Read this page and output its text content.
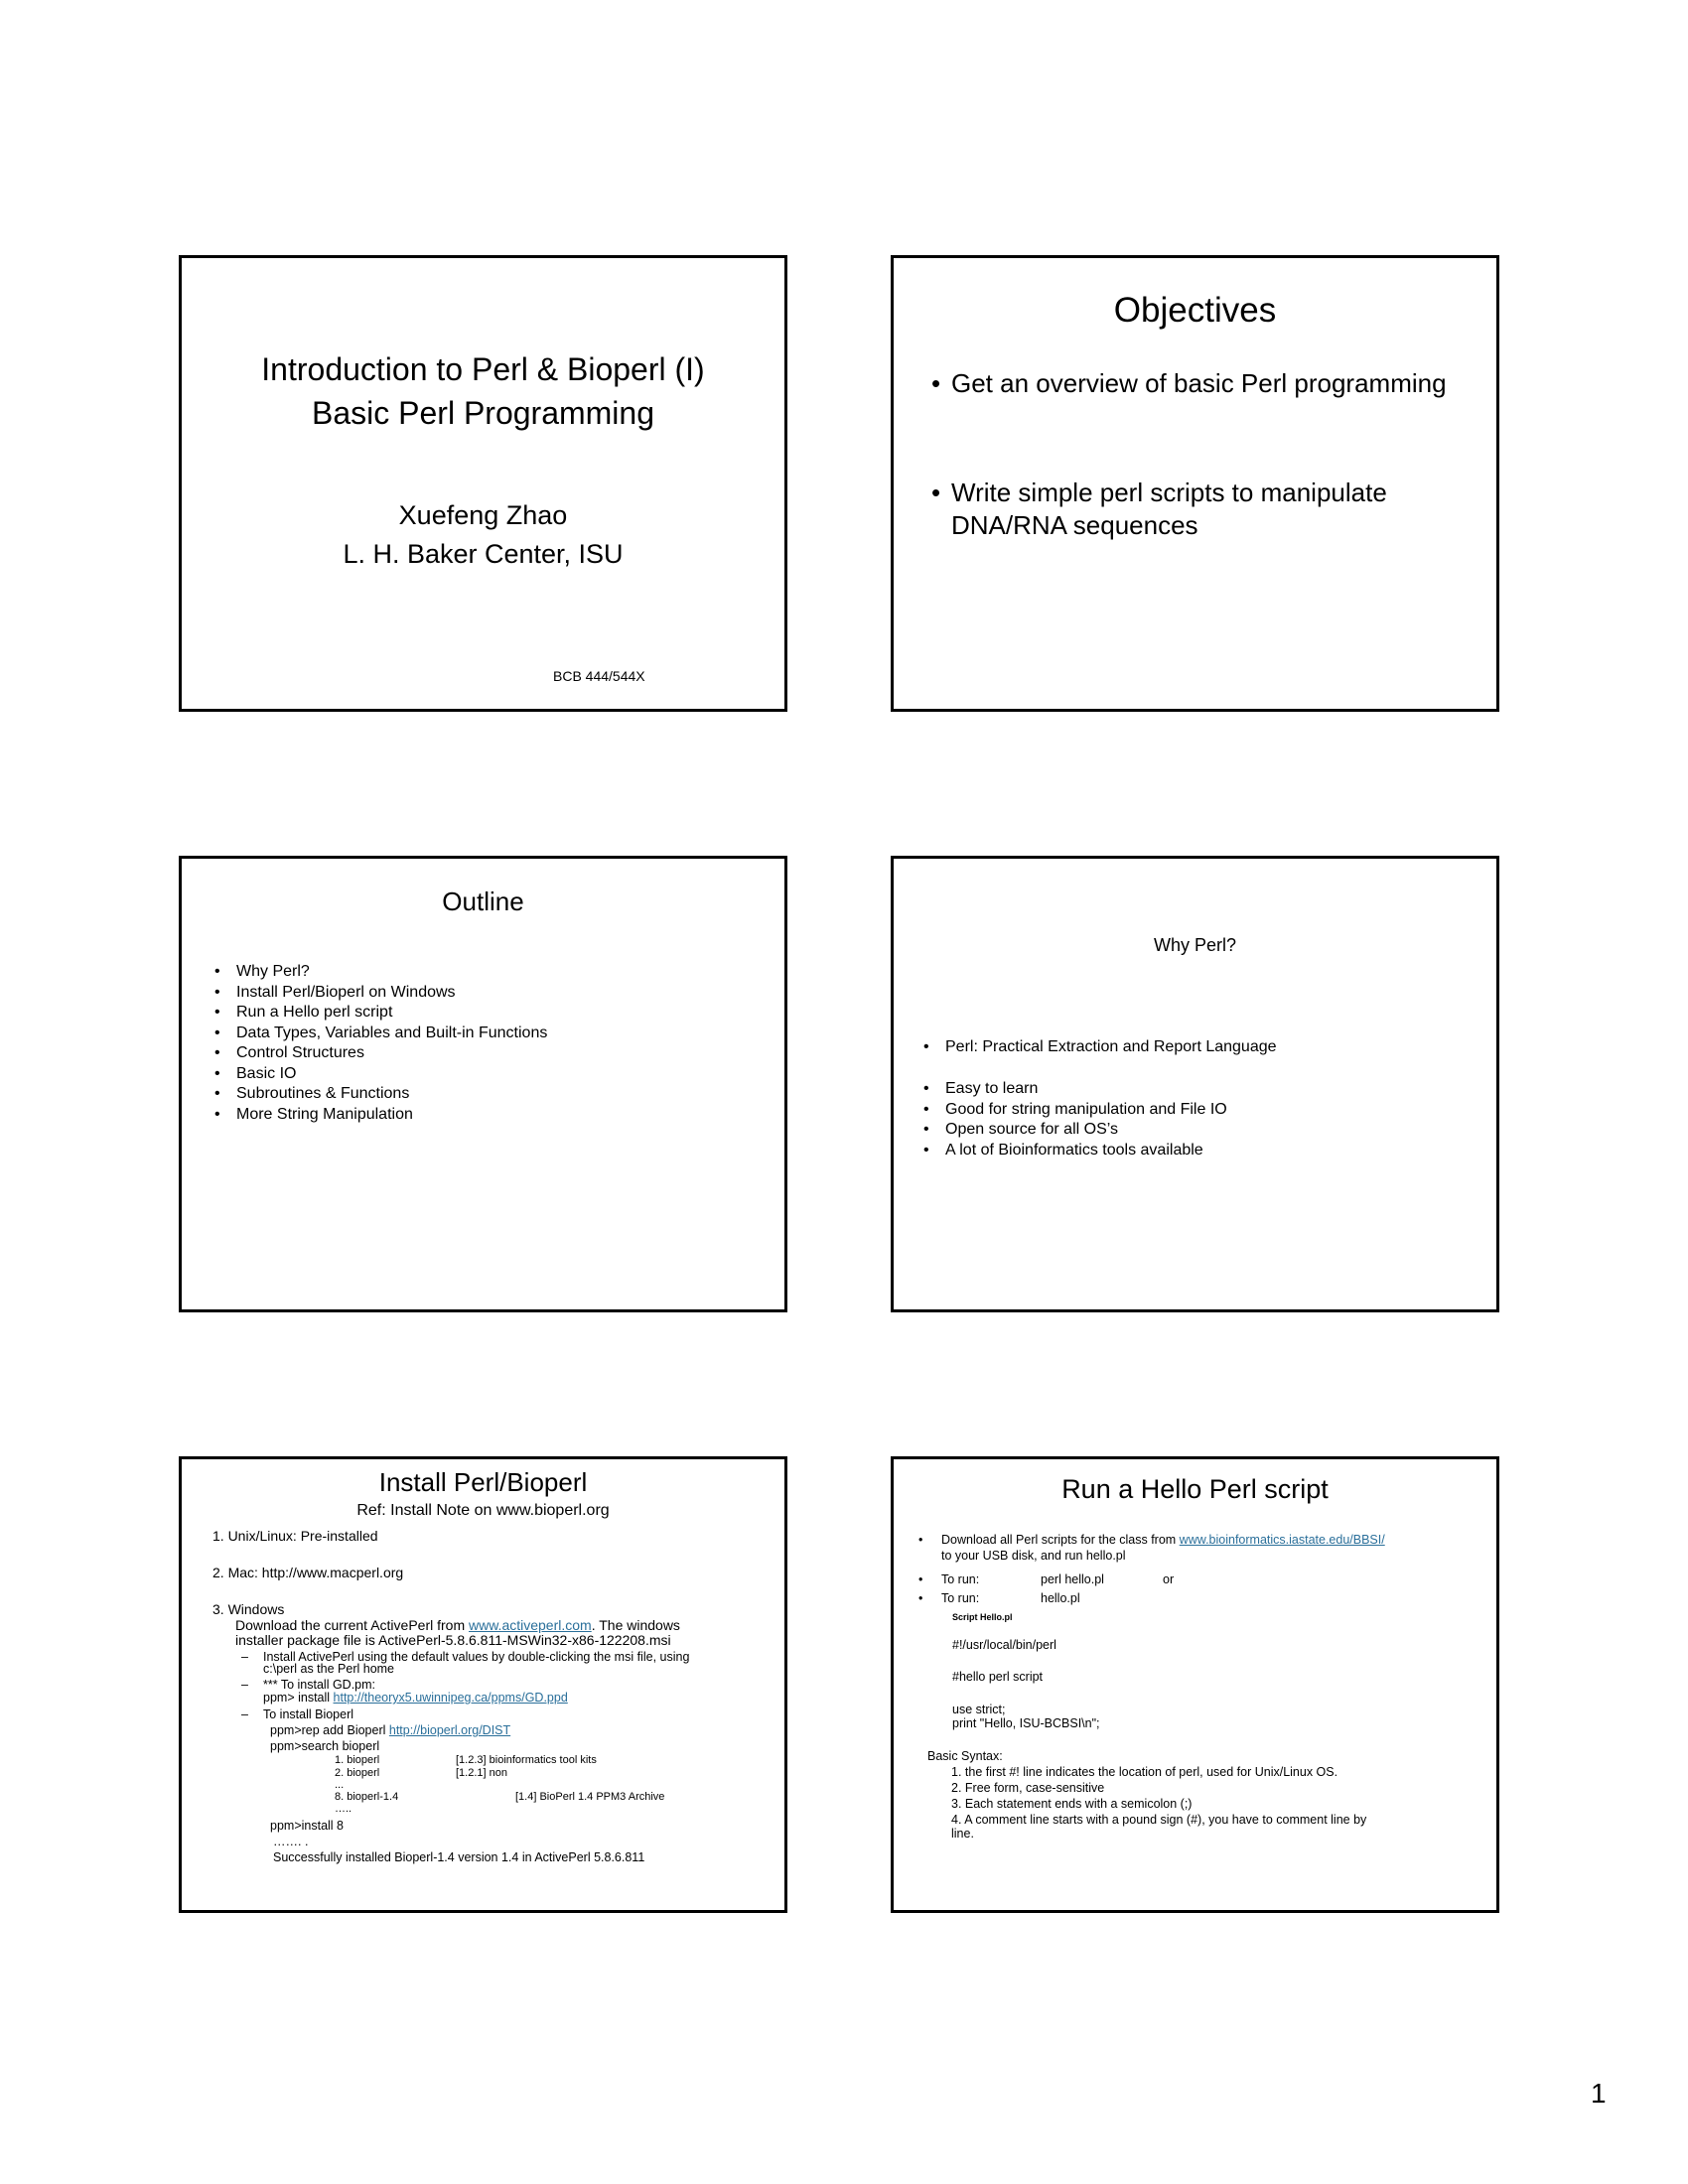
Introduction to Perl & Bioperl (I)
Basic Perl Programming
Xuefeng Zhao
L. H. Baker Center, ISU
BCB 444/544X
Objectives
• Get an overview of basic Perl programming
• Write simple perl scripts to manipulate DNA/RNA sequences
Outline
• Why Perl?
• Install Perl/Bioperl on Windows
• Run a Hello perl script
• Data Types, Variables and Built-in Functions
• Control Structures
• Basic IO
• Subroutines & Functions
• More String Manipulation
Why Perl?
• Perl: Practical Extraction and Report Language
• Easy to learn
• Good for string manipulation and File IO
• Open source for all OS’s
• A lot of Bioinformatics tools available
Install Perl/Bioperl
Ref: Install Note on www.bioperl.org
1. Unix/Linux: Pre-installed
2. Mac: http://www.macperl.org
3. Windows
Download the current ActivePerl from www.activeperl.com. The windows
installer package file is ActivePerl-5.8.6.811-MSWin32-x86-122208.msi
– Install ActivePerl using the default values by double-clicking the msi file, using
c:\perl as the Perl home
– *** To install GD.pm:
ppm> install http://theoryx5.uwinnipeg.ca/ppms/GD.ppd
– To install Bioperl
ppm>rep add Bioperl http://bioperl.org/DIST
ppm>search bioperl
1. bioperl	[1.2.3] bioinformatics tool kits
2. bioperl	[1.2.1] non
...
8. bioperl-1.4	[1.4] BioPerl 1.4 PPM3 Archive
…..
ppm>install 8
……. .
Successfully installed Bioperl-1.4 version 1.4 in ActivePerl 5.8.6.811
Run a Hello Perl script
• Download all Perl scripts for the class from www.bioinformatics.iastate.edu/BBSI/
to your USB disk, and run hello.pl
• To run:	perl hello.pl	or
• To run:	hello.pl
Script Hello.pl
#!/usr/local/bin/perl
#hello perl script
use strict;
print "Hello, ISU-BCBSI\n";
Basic Syntax:
1. the first #! line indicates the location of perl, used for Unix/Linux OS.
2. Free form, case-sensitive
3. Each statement ends with a semicolon (;)
4. A comment line starts with a pound sign (#), you have to comment line by
line.
1
